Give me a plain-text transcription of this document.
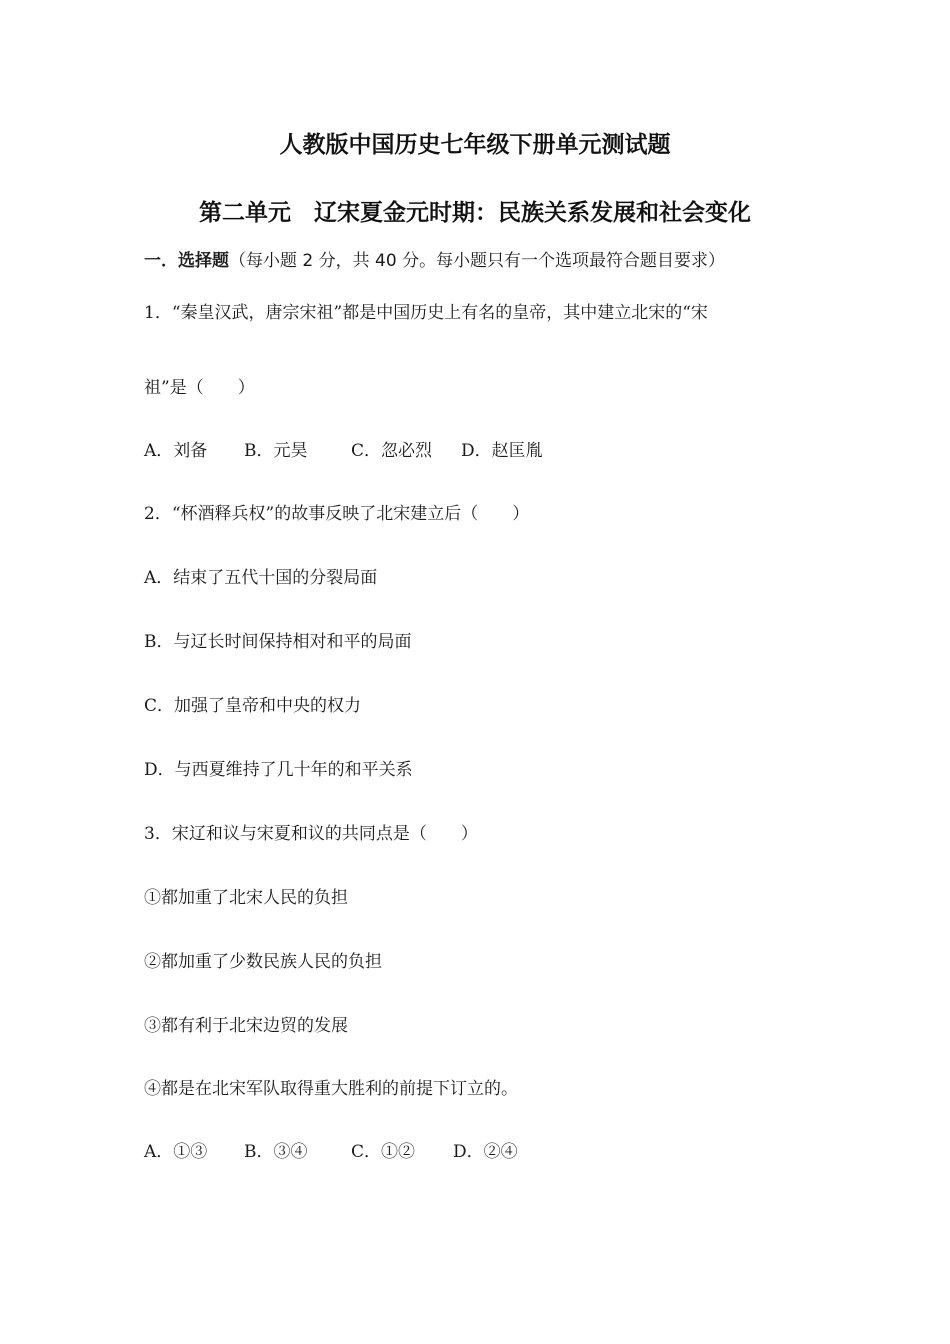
人教版中国历史七年级下册单元测试题
第二单元　辽宋夏金元时期：民族关系发展和社会变化
一．选择题（每小题 2 分，共 40 分。每小题只有一个选项最符合题目要求）
1．“秦皇汉武，唐宗宋祖”都是中国历史上有名的皇帝，其中建立北宋的“宋
祖”是（　　）
A．刘备 B．元昊	C．忽必烈 D．赵匡胤
2．“杯酒释兵权”的故事反映了北宋建立后（　　）
A．结束了五代十国的分裂局面
B．与辽长时间保持相对和平的局面
C．加强了皇帝和中央的权力
D．与西夏维持了几十年的和平关系
3．宋辽和议与宋夏和议的共同点是（　　）
①都加重了北宋人民的负担
②都加重了少数民族人民的负担
③都有利于北宋边贸的发展
④都是在北宋军队取得重大胜利的前提下订立的。
A．①③ B．③④	C．①② D．②④
